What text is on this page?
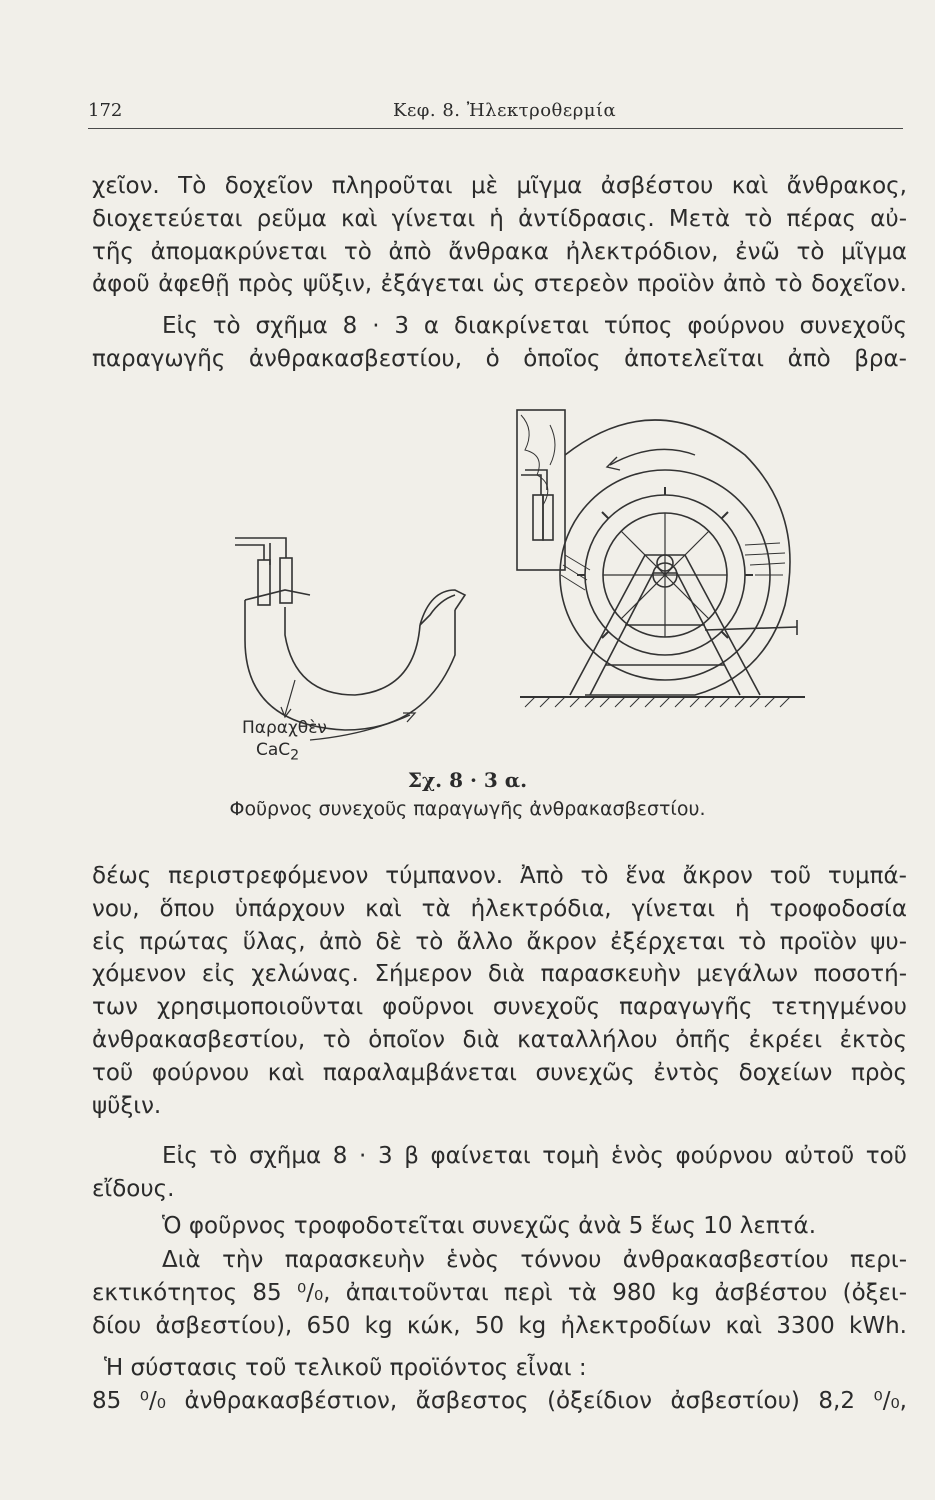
172	Κεφ. 8. Ἠλεκτροθερμία
χεῖον. Τὸ δοχεῖον πληροῦται μὲ μῖγμα ἀσβέστου καὶ ἄνθρακος,
διοχετεύεται ρεῦμα καὶ γίνεται ἡ ἀντίδρασις. Μετὰ τὸ πέρας αὐ-
τῆς ἀπομακρύνεται τὸ ἀπὸ ἄνθρακα ἠλεκτρόδιον, ἐνῶ τὸ μῖγμα
ἀφοῦ ἀφεθῇ πρὸς ψῦξιν, ἐξάγεται ὡς στερεὸν προϊὸν ἀπὸ τὸ δοχεῖον.
Εἰς τὸ σχῆμα 8 · 3 α διακρίνεται τύπος φούρνου συνεχοῦς
παραγωγῆς ἀνθρακασβεστίου, ὁ ὁποῖος ἀποτελεῖται ἀπὸ βρα-
Παραχθὲν
CaC$_2$
Σχ. 8 · 3 α.
Φοῦρνος συνεχοῦς παραγωγῆς ἀνθρακασβεστίου.
δέως περιστρεφόμενον τύμπανον. Ἀπὸ τὸ ἕνα ἄκρον τοῦ τυμπά-
νου, ὅπου ὑπάρχουν καὶ τὰ ἠλεκτρόδια, γίνεται ἡ τροφοδοσία
εἰς πρώτας ὕλας, ἀπὸ δὲ τὸ ἄλλο ἄκρον ἐξέρχεται τὸ προϊὸν ψυ-
χόμενον εἰς χελώνας. Σήμερον διὰ παρασκευὴν μεγάλων ποσοτή-
των χρησιμοποιοῦνται φοῦρνοι συνεχοῦς παραγωγῆς τετηγμένου
ἀνθρακασβεστίου, τὸ ὁποῖον διὰ καταλλήλου ὀπῆς ἐκρέει ἐκτὸς
τοῦ φούρνου καὶ παραλαμβάνεται συνεχῶς ἐντὸς δοχείων πρὸς
ψῦξιν.
Εἰς τὸ σχῆμα 8 · 3 β φαίνεται τομὴ ἑνὸς φούρνου αὐτοῦ τοῦ
εἴδους.
Ὁ φοῦρνος τροφοδοτεῖται συνεχῶς ἀνὰ 5 ἕως 10 λεπτά.
Διὰ τὴν παρασκευὴν ἑνὸς τόννου ἀνθρακασβεστίου περι-
εκτικότητος 85 ⁰/₀, ἀπαιτοῦνται περὶ τὰ 980 kg ἀσβέστου (ὀξει-
δίου ἀσβεστίου), 650 kg κώκ, 50 kg ἠλεκτροδίων καὶ 3300 kWh.
Ἡ σύστασις τοῦ τελικοῦ προϊόντος εἶναι :
85 ⁰/₀ ἀνθρακασβέστιον, ἄσβεστος (ὀξείδιον ἀσβεστίου) 8,2 ⁰/₀,
